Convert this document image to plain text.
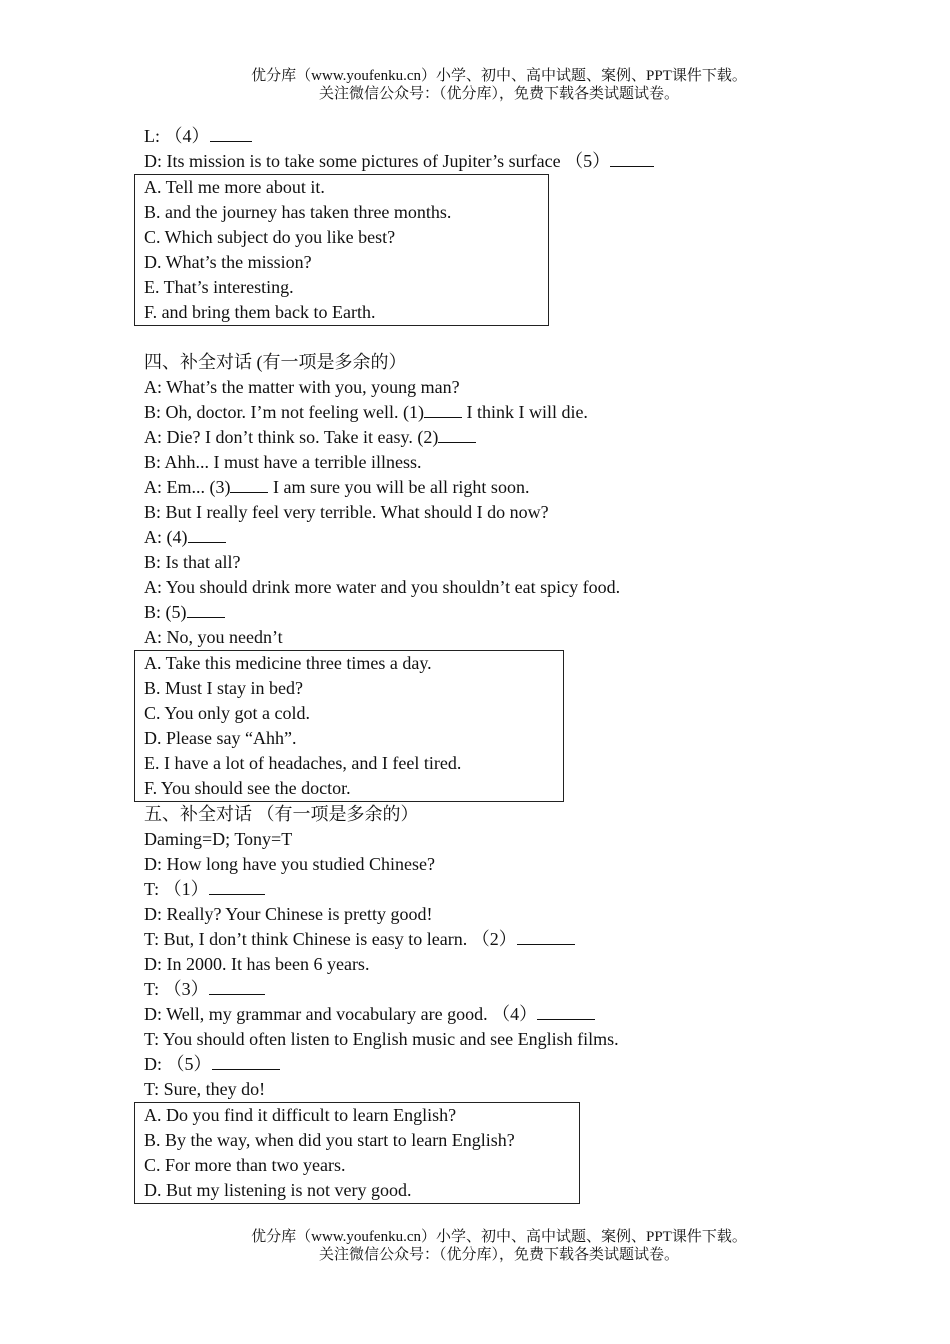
优分库（www.youfenku.cn）小学、初中、高中试题、案例、PPT课件下载。
关注微信公众号：（优分库），免费下载各类试题试卷。
L: （4）
D: Its mission is to take some pictures of Jupiter’s surface （5）
A. Tell me more about it.
B. and the journey has taken three months.
C. Which subject do you like best?
D. What’s the mission?
E. That’s interesting.
F. and bring them back to Earth.
四、补全对话 (有一项是多余的）
A: What’s the matter with you, young man?
B: Oh, doctor. I’m not feeling well. (1) I think I will die.
A: Die? I don’t think so. Take it easy. (2)
B: Ahh... I must have a terrible illness.
A: Em... (3) I am sure you will be all right soon.
B: But I really feel very terrible. What should I do now?
A: (4)
B: Is that all?
A: You should drink more water and you shouldn’t eat spicy food.
B: (5)
A: No, you needn’t
A. Take this medicine three times a day.
B. Must I stay in bed?
C. You only got a cold.
D. Please say “Ahh”.
E. I have a lot of headaches, and I feel tired.
F. You should see the doctor.
五、补全对话 （有一项是多余的）
Daming=D; Tony=T
D: How long have you studied Chinese?
T: （1）
D: Really? Your Chinese is pretty good!
T: But, I don’t think Chinese is easy to learn. （2）
D: In 2000. It has been 6 years.
T: （3）
D: Well, my grammar and vocabulary are good. （4）
T: You should often listen to English music and see English films.
D: （5）
T: Sure, they do!
A. Do you find it difficult to learn English?
B. By the way, when did you start to learn English?
C. For more than two years.
D. But my listening is not very good.
优分库（www.youfenku.cn）小学、初中、高中试题、案例、PPT课件下载。
关注微信公众号：（优分库），免费下载各类试题试卷。
